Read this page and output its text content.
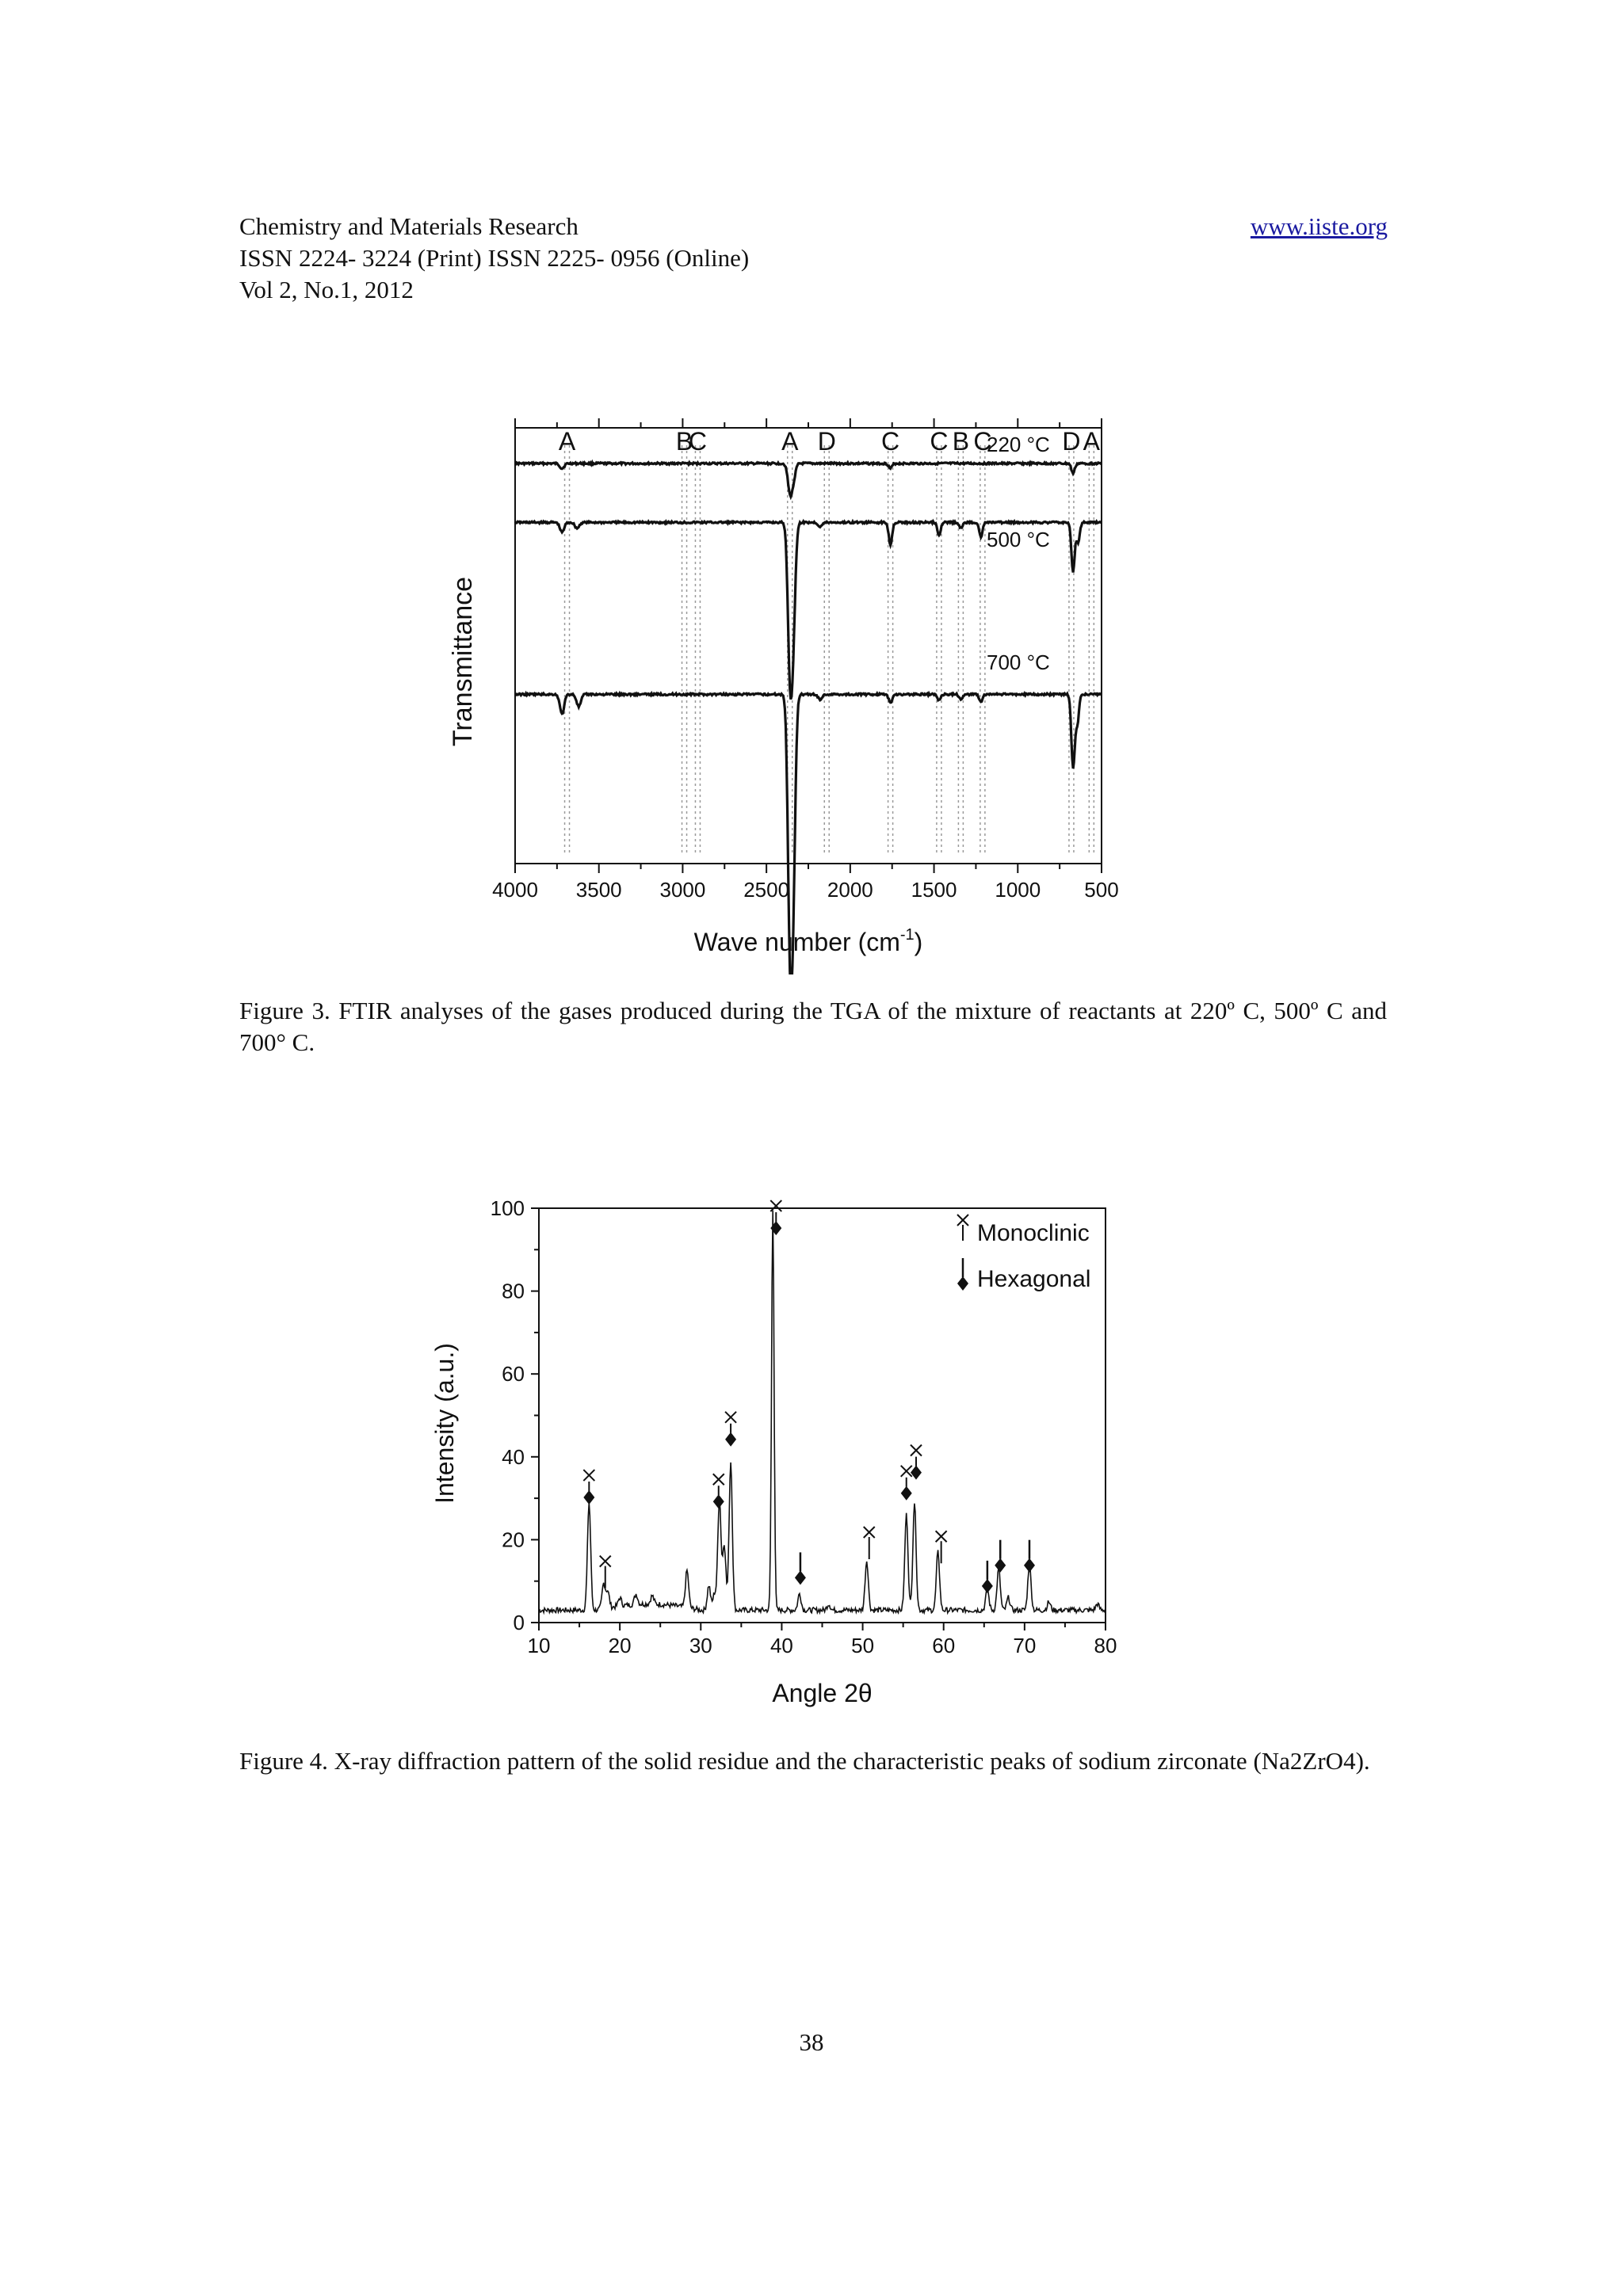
Chemistry and Materials Research
ISSN 2224- 3224 (Print) ISSN 2225- 0956 (Online)
Vol 2, No.1, 2012
www.iiste.org
4000 3500 3000 2500 2000 1500 1000 500
Wave number $(cm^{-1})$
Transmittance
A	B
C	A D C C B C	D A
220 °C
500 °C
700 °C
Figure 3. FTIR analyses of the gases produced during the TGA of the mixture of reactants at 220º C, 500º C and 700° C.
10	20	30	40	50	60	70	80
0
20
40
60
80
100
Angle 2θ
Intensity (a.u.)
Monoclinic
Hexagonal
Figure 4. X-ray diffraction pattern of the solid residue and the characteristic peaks of sodium zirconate (Na2ZrO4).
38
